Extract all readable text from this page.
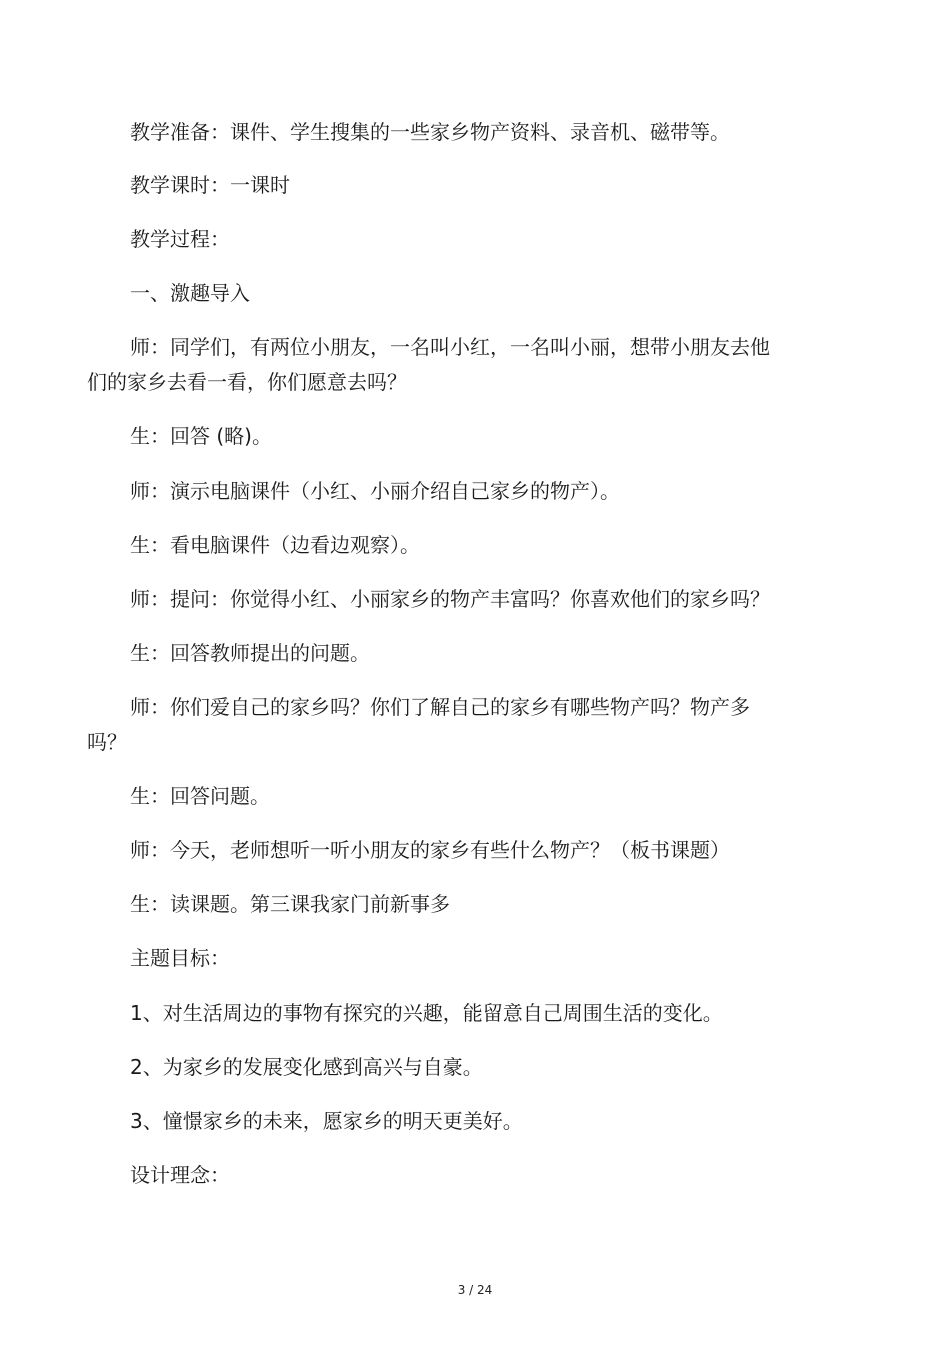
教学准备：课件、学生搜集的一些家乡物产资料、录音机、磁带等。
教学课时：一课时
教学过程：
一、激趣导入
师：同学们，有两位小朋友，一名叫小红，一名叫小丽，想带小朋友去他
们的家乡去看一看，你们愿意去吗？
生：回答 (略)。
师：演示电脑课件（小红、小丽介绍自己家乡的物产）。
生：看电脑课件（边看边观察）。
师：提问：你觉得小红、小丽家乡的物产丰富吗？你喜欢他们的家乡吗？
生：回答教师提出的问题。
师：你们爱自己的家乡吗？你们了解自己的家乡有哪些物产吗？物产多
吗？
生：回答问题。
师：今天，老师想听一听小朋友的家乡有些什么物产？（板书课题）
生：读课题。第三课我家门前新事多
主题目标：
1、对生活周边的事物有探究的兴趣，能留意自己周围生活的变化。
2、为家乡的发展变化感到高兴与自豪。
3、憧憬家乡的未来，愿家乡的明天更美好。
设计理念：
3 / 24
